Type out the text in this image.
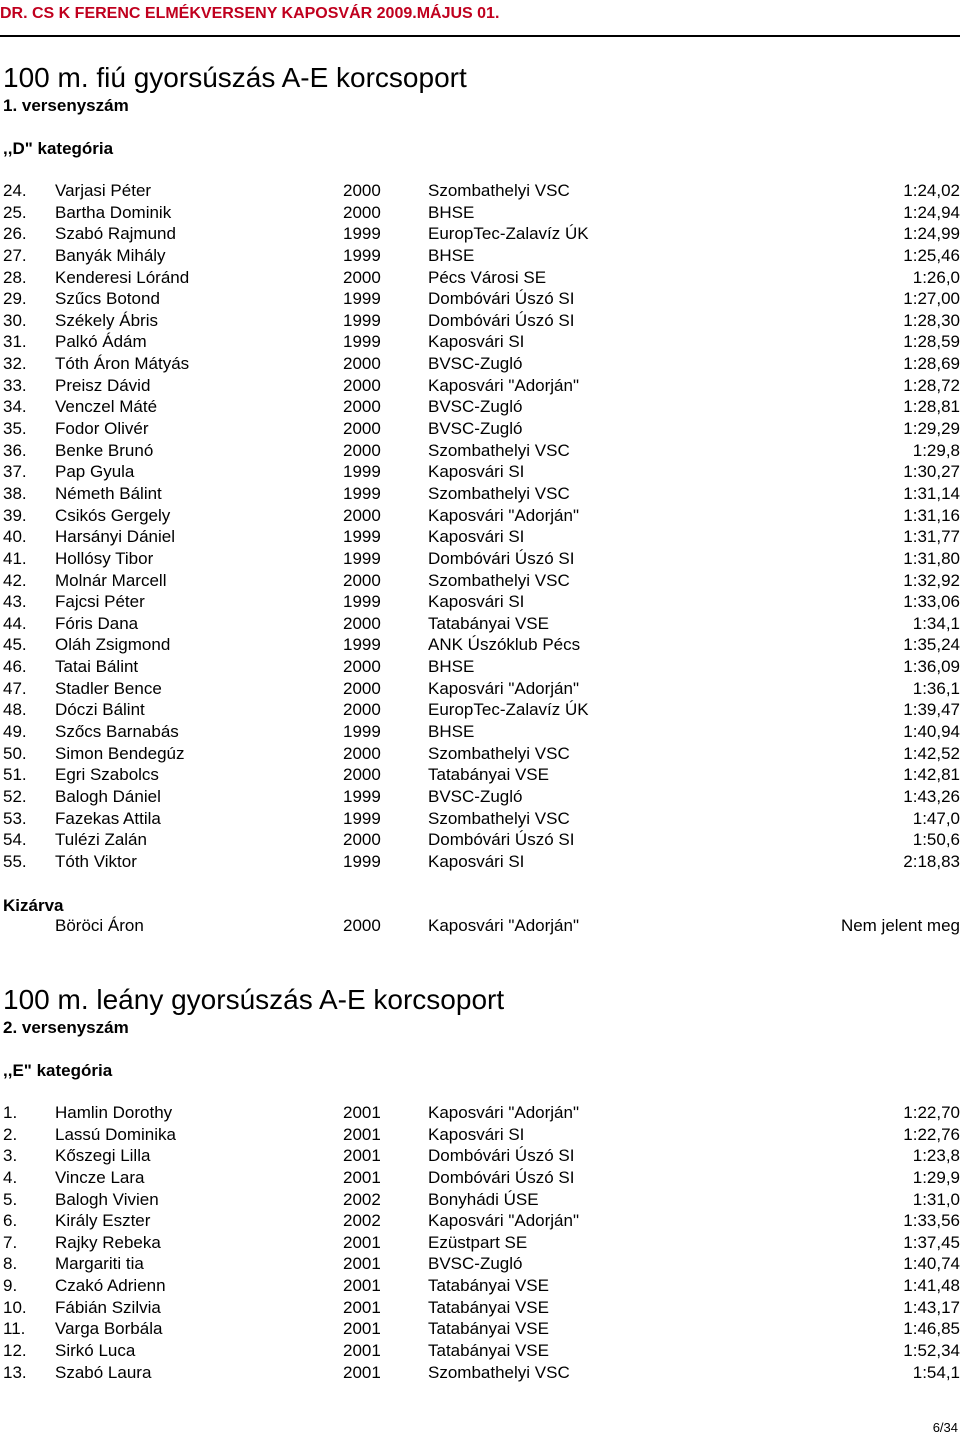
DR. CS K FERENC ELMÉKVERSENY KAPOSVÁR 2009.MÁJUS 01.
100 m. fiú gyorsúszás A-E korcsoport
1. versenyszám
,,D" kategória
24. Varjasi Péter	2000	Szombathelyi VSC	1:24,02
25. Bartha Dominik	2000	BHSE	1:24,94
26. Szabó Rajmund	1999	EuropTec-Zalavíz ÚK	1:24,99
27. Banyák Mihály	1999	BHSE	1:25,46
28. Kenderesi Lóránd	2000	Pécs Városi SE	1:26,0
29. Szűcs Botond	1999	Dombóvári Úszó SI	1:27,00
30. Székely Ábris	1999	Dombóvári Úszó SI	1:28,30
31. Palkó Ádám	1999	Kaposvári SI	1:28,59
32. Tóth Áron Mátyás	2000	BVSC-Zugló	1:28,69
33. Preisz Dávid	2000	Kaposvári "Adorján"	1:28,72
34. Venczel Máté	2000	BVSC-Zugló	1:28,81
35. Fodor Olivér	2000	BVSC-Zugló	1:29,29
36. Benke Brunó	2000	Szombathelyi VSC	1:29,8
37. Pap Gyula	1999	Kaposvári SI	1:30,27
38. Németh Bálint	1999	Szombathelyi VSC	1:31,14
39. Csikós Gergely	2000	Kaposvári "Adorján"	1:31,16
40. Harsányi Dániel	1999	Kaposvári SI	1:31,77
41. Hollósy Tibor	1999	Dombóvári Úszó SI	1:31,80
42. Molnár Marcell	2000	Szombathelyi VSC	1:32,92
43. Fajcsi Péter	1999	Kaposvári SI	1:33,06
44. Fóris Dana	2000	Tatabányai VSE	1:34,1
45. Oláh Zsigmond	1999	ANK Úszóklub Pécs	1:35,24
46. Tatai Bálint	2000	BHSE	1:36,09
47. Stadler Bence	2000	Kaposvári "Adorján"	1:36,1
48. Dóczi Bálint	2000	EuropTec-Zalavíz ÚK	1:39,47
49. Szőcs Barnabás	1999	BHSE	1:40,94
50. Simon Bendegúz	2000	Szombathelyi VSC	1:42,52
51. Egri Szabolcs	2000	Tatabányai VSE	1:42,81
52. Balogh Dániel	1999	BVSC-Zugló	1:43,26
53. Fazekas Attila	1999	Szombathelyi VSC	1:47,0
54. Tulézi Zalán	2000	Dombóvári Úszó SI	1:50,6
55. Tóth Viktor	1999	Kaposvári SI	2:18,83
Kizárva
Böröci Áron	2000	Kaposvári "Adorján"	Nem jelent meg
100 m. leány gyorsúszás A-E korcsoport
2. versenyszám
,,E" kategória
1. Hamlin Dorothy	2001	Kaposvári "Adorján"	1:22,70
2. Lassú Dominika	2001	Kaposvári SI	1:22,76
3. Kőszegi Lilla	2001	Dombóvári Úszó SI	1:23,8
4. Vincze Lara	2001	Dombóvári Úszó SI	1:29,9
5. Balogh Vivien	2002	Bonyhádi ÚSE	1:31,0
6. Király Eszter	2002	Kaposvári "Adorján"	1:33,56
7. Rajky Rebeka	2001	Ezüstpart SE	1:37,45
8. Margariti tia	2001	BVSC-Zugló	1:40,74
9. Czakó Adrienn	2001	Tatabányai VSE	1:41,48
10. Fábián Szilvia	2001	Tatabányai VSE	1:43,17
11. Varga Borbála	2001	Tatabányai VSE	1:46,85
12. Sirkó Luca	2001	Tatabányai VSE	1:52,34
13. Szabó Laura	2001	Szombathelyi VSC	1:54,1
6/34
